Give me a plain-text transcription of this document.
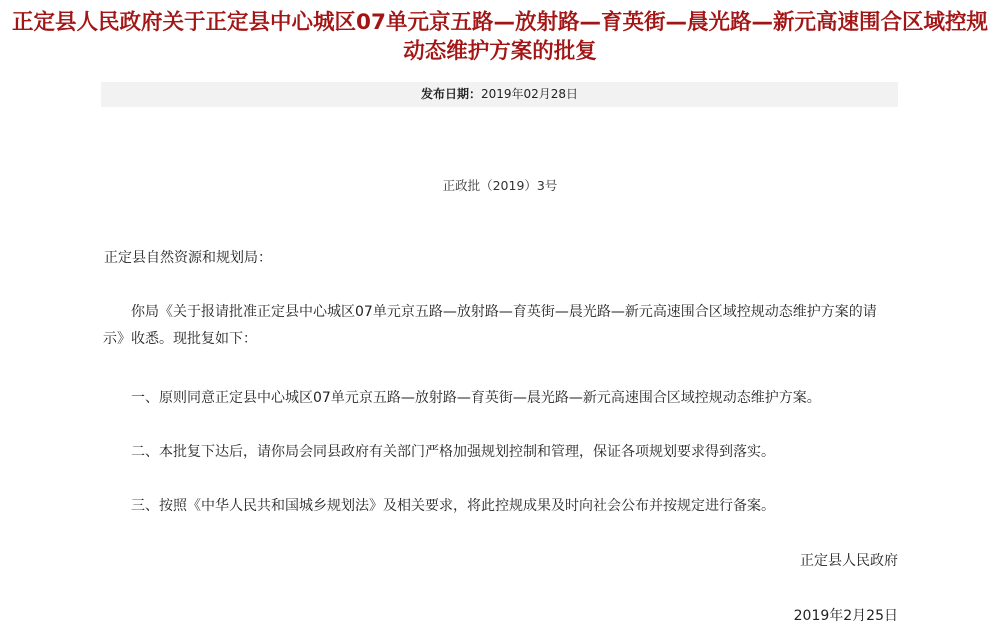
正定县人民政府关于正定县中心城区07单元京五路—放射路—育英街—晨光路—新元高速围合区域控规动态维护方案的批复
发布日期：2019年02月28日
正政批（2019）3号

正定县自然资源和规划局：

你局《关于报请批准正定县中心城区07单元京五路—放射路—育英街—晨光路—新元高速围合区域控规动态维护方案的请示》收悉。现批复如下：

一、原则同意正定县中心城区07单元京五路—放射路—育英街—晨光路—新元高速围合区域控规动态维护方案。

二、本批复下达后，请你局会同县政府有关部门严格加强规划控制和管理，保证各项规划要求得到落实。

三、按照《中华人民共和国城乡规划法》及相关要求，将此控规成果及时向社会公布并按规定进行备案。

正定县人民政府

2019年2月25日
